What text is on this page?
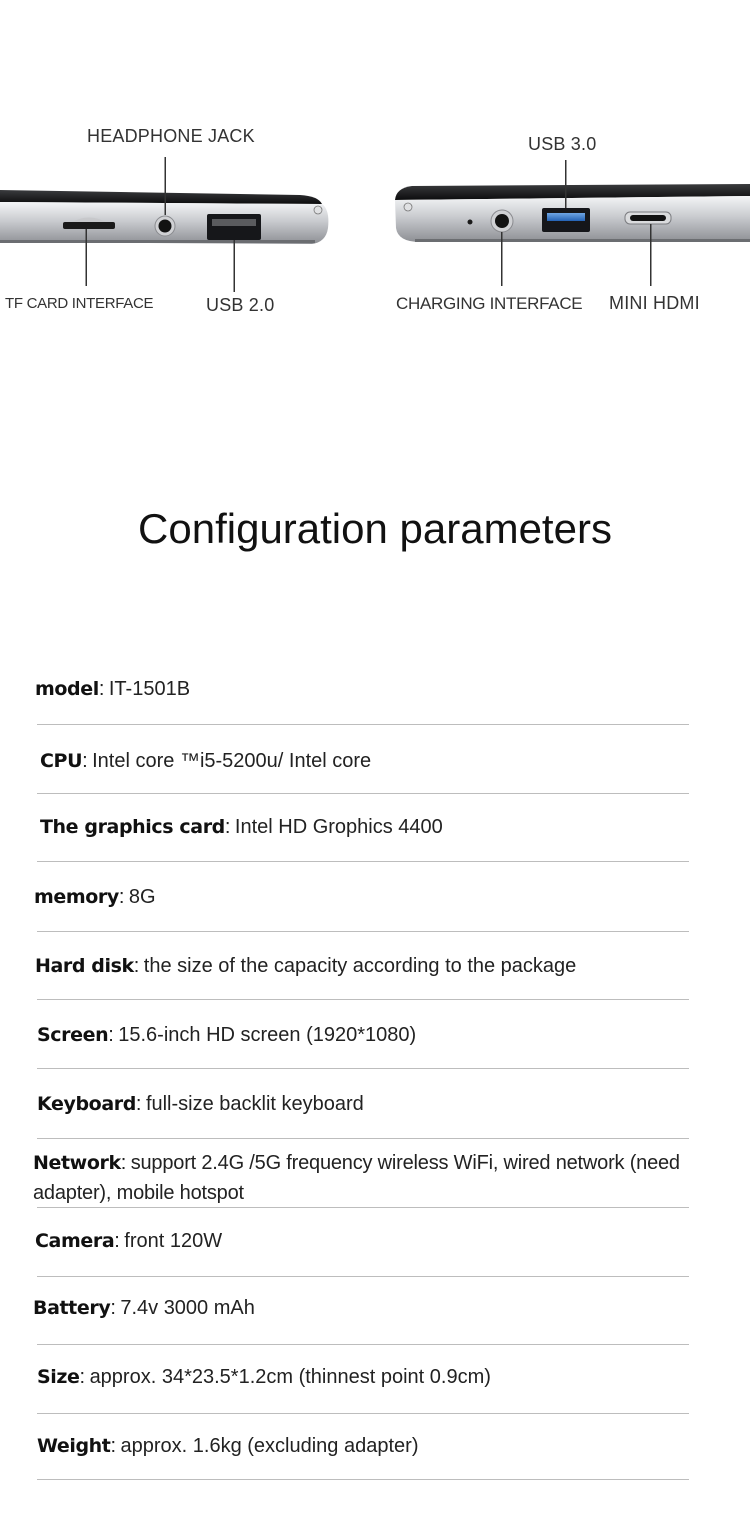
HEADPHONE JACK
TF CARD INTERFACE	USB 2.0
USB 3.0
CHARGING INTERFACE MINI HDMI
Configuration parameters
model: IT-1501B
CPU: Intel core ™i5-5200u/ Intel core
The graphics card: Intel HD Grophics 4400
memory: 8G
Hard disk: the size of the capacity according to the package
Screen: 15.6-inch HD screen (1920*1080)
Keyboard: full-size backlit keyboard
Network: support 2.4G /5G frequency wireless WiFi, wired network (need adapter), mobile hotspot
Camera: front 120W
Battery: 7.4v 3000 mAh
Size: approx. 34*23.5*1.2cm (thinnest point 0.9cm)
Weight: approx. 1.6kg (excluding adapter)
